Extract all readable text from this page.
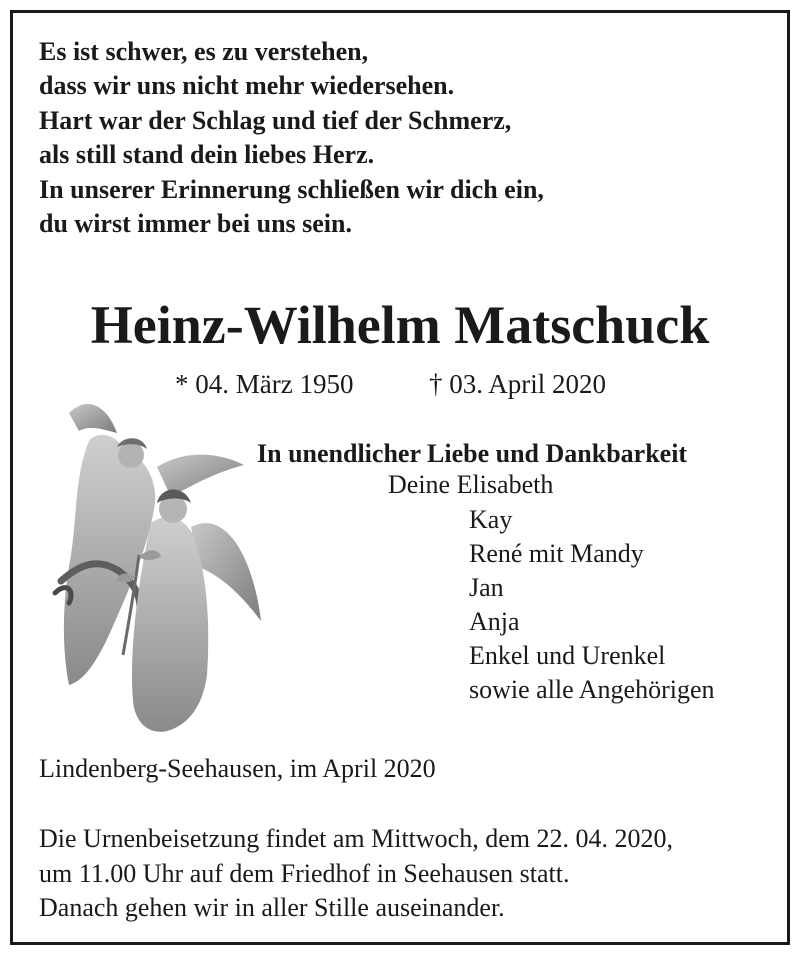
Es ist schwer, es zu verstehen,
dass wir uns nicht mehr wiedersehen.
Hart war der Schlag und tief der Schmerz,
als still stand dein liebes Herz.
In unserer Erinnerung schließen wir dich ein,
du wirst immer bei uns sein.
Heinz-Wilhelm Matschuck
* 04. März 1950	† 03. April 2020
In unendlicher Liebe und Dankbarkeit
Deine Elisabeth
Kay
René mit Mandy
Jan
Anja
Enkel und Urenkel
sowie alle Angehörigen
Lindenberg-Seehausen, im April 2020
Die Urnenbeisetzung findet am Mittwoch, dem 22. 04. 2020,
um 11.00 Uhr auf dem Friedhof in Seehausen statt.
Danach gehen wir in aller Stille auseinander.
